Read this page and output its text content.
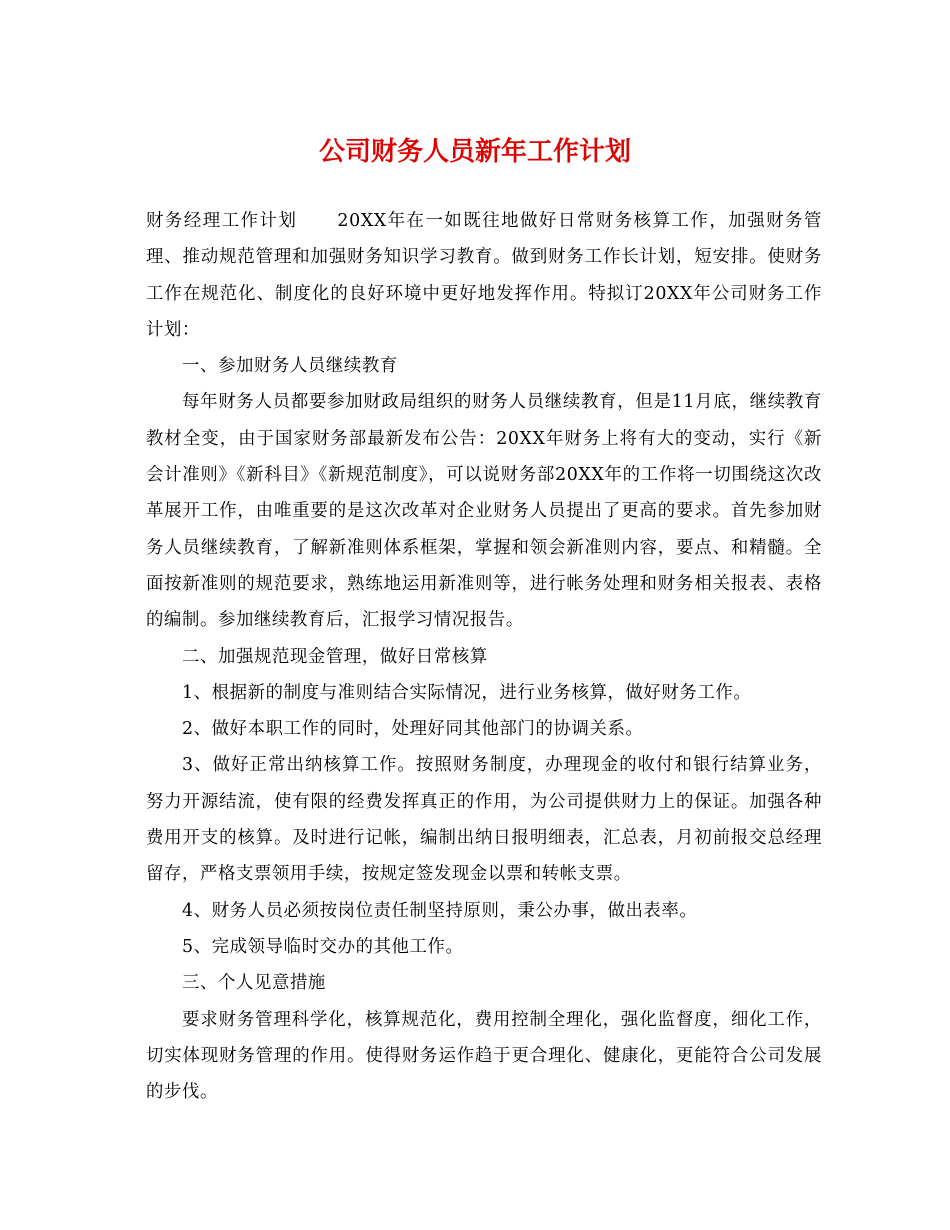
公司财务人员新年工作计划

财务经理工作计划 20XX年在一如既往地做好日常财务核算工作，加强财务管理、推动规范管理和加强财务知识学习教育。做到财务工作长计划，短安排。使财务工作在规范化、制度化的良好环境中更好地发挥作用。特拟订20XX年公司财务工作计划：

一、参加财务人员继续教育

每年财务人员都要参加财政局组织的财务人员继续教育，但是11月底，继续教育教材全变，由于国家财务部最新发布公告：20XX年财务上将有大的变动，实行《新会计准则》《新科目》《新规范制度》，可以说财务部20XX年的工作将一切围绕这次改革展开工作，由唯重要的是这次改革对企业财务人员提出了更高的要求。首先参加财务人员继续教育，了解新准则体系框架，掌握和领会新准则内容，要点、和精髓。全面按新准则的规范要求，熟练地运用新准则等，进行帐务处理和财务相关报表、表格的编制。参加继续教育后，汇报学习情况报告。

二、加强规范现金管理，做好日常核算

1、根据新的制度与准则结合实际情况，进行业务核算，做好财务工作。

2、做好本职工作的同时，处理好同其他部门的协调关系。

3、做好正常出纳核算工作。按照财务制度，办理现金的收付和银行结算业务，努力开源结流，使有限的经费发挥真正的作用，为公司提供财力上的保证。加强各种费用开支的核算。及时进行记帐，编制出纳日报明细表，汇总表，月初前报交总经理留存，严格支票领用手续，按规定签发现金以票和转帐支票。

4、财务人员必须按岗位责任制坚持原则，秉公办事，做出表率。

5、完成领导临时交办的其他工作。

三、个人见意措施

要求财务管理科学化，核算规范化，费用控制全理化，强化监督度，细化工作，切实体现财务管理的作用。使得财务运作趋于更合理化、健康化，更能符合公司发展的步伐。
